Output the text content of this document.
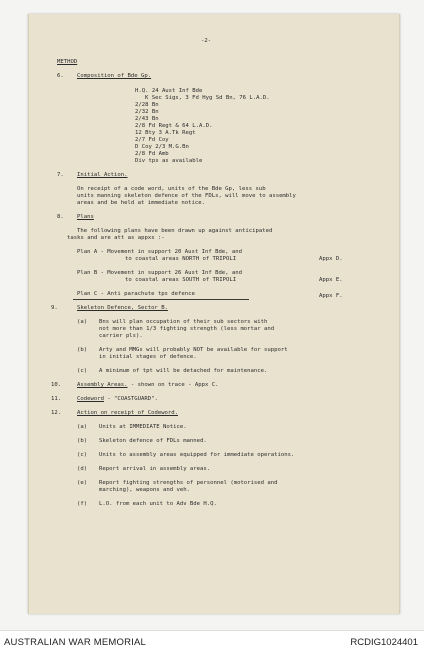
-2-
METHOD
6. Composition of Bde Gp.
H.Q. 24 Aust Inf Bde
K Sec Sigs, 3 Fd Hyg Sd Bn, 76 L.A.D.
2/28 Bn
2/32 Bn
2/43 Bn
2/8 Fd Regt & 64 L.A.D.
12 Bty 3 A.Tk Regt
2/7 Fd Coy
D Coy 2/3 M.G.Bn
2/8 Fd Amb
Div tps as available
7. Initial Action.
On receipt of a code word, units of the Bde Gp, less sub
units manning skeleton defence of the FDLs, will move to assembly
areas and be held at immediate notice.
8. Plans
The following plans have been drawn up against anticipated
tasks and are att as appxs :-
Plan A - Movement in support 20 Aust Inf Bde, and
to coastal areas NORTH of TRIPOLI	Appx D.
Plan B - Movement in support 26 Aust Inf Bde, and
to coastal areas SOUTH of TRIPOLI	Appx E.
Plan C - Anti parachute tps defence	Appx F.
9.	Skeleton Defence, Sector B.
(a) Bns will plan occupation of their sub sectors with
not more than 1/3 fighting strength (less mortar and
carrier pls).
(b) Arty and MMGs will probably NOT be available for support
in initial stages of defence.
(c) A minimum of tpt will be detached for maintenance.
10.	Assembly Areas. - shown on trace - Appx C.
11.	Codeword - "COASTGUARD".
12.	Action on receipt of Codeword.
(a) Units at IMMEDIATE Notice.
(b) Skeleton defence of FDLs manned.
(c) Units to assembly areas equipped for immediate operations.
(d) Report arrival in assembly areas.
(e) Report fighting strengths of personnel (motorised and
marching), weapons and veh.
(f) L.O. from each unit to Adv Bde H.Q.
AUSTRALIAN WAR MEMORIAL	RCDIG1024401
